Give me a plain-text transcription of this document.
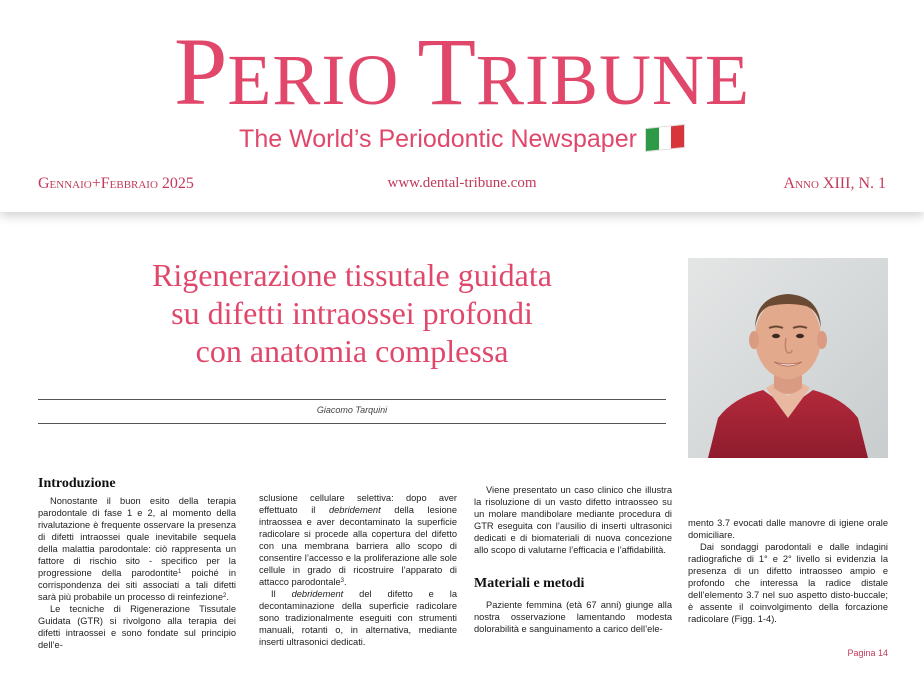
PERIO TRIBUNE
The World’s Periodontic Newspaper
Gennaio+Febbraio 2025	www.dental-tribune.com	Anno XIII, N. 1
Rigenerazione tissutale guidata
su difetti intraossei profondi
con anatomia complessa
Giacomo Tarquini
Introduzione

Nonostante il buon esito della terapia parodontale di fase 1 e 2, al momento della rivalutazione è frequente osservare la presenza di difetti intraossei quale inevitabile sequela della malattia parodontale: ciò rappresenta un fattore di rischio sito - specifico per la progressione della parodontite$^1$ poiché in corrispondenza dei siti associati a tali difetti sarà più probabile un processo di reinfezione$^2$.

Le tecniche di Rigenerazione Tissutale Guidata (GTR) si rivolgono alla terapia dei difetti intraossei e sono fondate sul principio dell’e-

sclusione cellulare selettiva: dopo aver effettuato il debridement della lesione intraossea e aver decontaminato la superficie radicolare si procede alla copertura del difetto con una membrana barriera allo scopo di consentire l’accesso e la proliferazione alle sole cellule in grado di ricostruire l’apparato di attacco parodontale$^3$.

Il debridement del difetto e la decontaminazione della superficie radicolare sono tradizionalmente eseguiti con strumenti manuali, rotanti o, in alternativa, mediante inserti ultrasonici dedicati.

Viene presentato un caso clinico che illustra la risoluzione di un vasto difetto intraosseo su un molare mandibolare mediante procedura di GTR eseguita con l’ausilio di inserti ultrasonici dedicati e di biomateriali di nuova concezione allo scopo di valutarne l’efficacia e l’affidabilità.

Materiali e metodi

Paziente femmina (età 67 anni) giunge alla nostra osservazione lamentando modesta dolorabilità e sanguinamento a carico dell’ele-

mento 3.7 evocati dalle manovre di igiene orale domiciliare.

Dai sondaggi parodontali e dalle indagini radiografiche di 1° e 2° livello si evidenzia la presenza di un difetto intraosseo ampio e profondo che interessa la radice distale dell’elemento 3.7 nel suo aspetto disto-buccale; è assente il coinvolgimento della forcazione radicolare (Figg. 1-4).

Pagina 14
